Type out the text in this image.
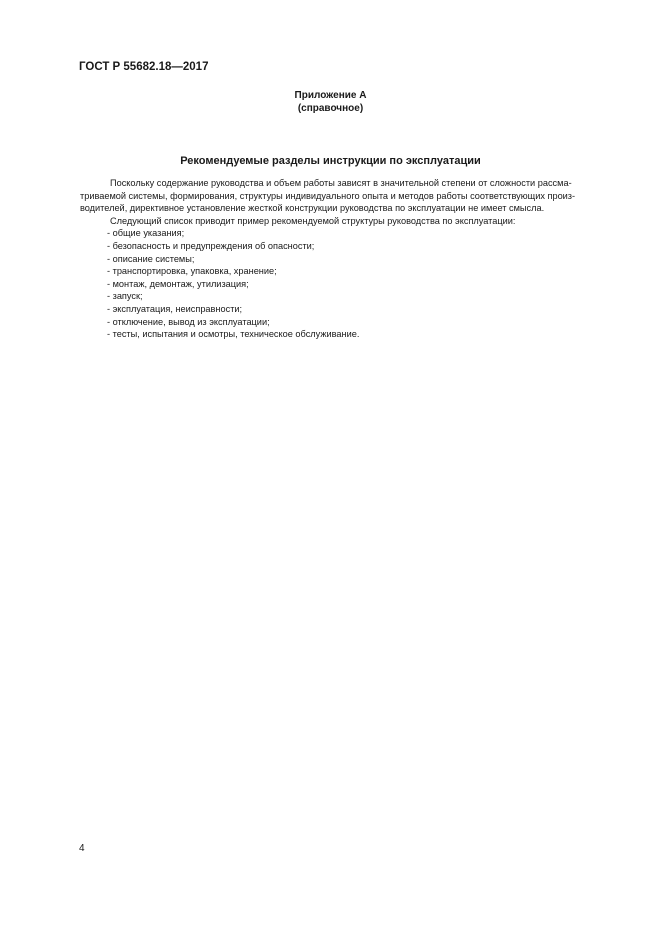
ГОСТ Р 55682.18—2017
Приложение А
(справочное)
Рекомендуемые разделы инструкции по эксплуатации

Поскольку содержание руководства и объем работы зависят в значительной степени от сложности рассма-
триваемой системы, формирования, структуры индивидуального опыта и методов работы соответствующих произ-
водителей, директивное установление жесткой конструкции руководства по эксплуатации не имеет смысла.

Следующий список приводит пример рекомендуемой структуры руководства по эксплуатации:

- общие указания;
- безопасность и предупреждения об опасности;
- описание системы;
- транспортировка, упаковка, хранение;
- монтаж, демонтаж, утилизация;
- запуск;
- эксплуатация, неисправности;
- отключение, вывод из эксплуатации;
- тесты, испытания и осмотры, техническое обслуживание.
4
